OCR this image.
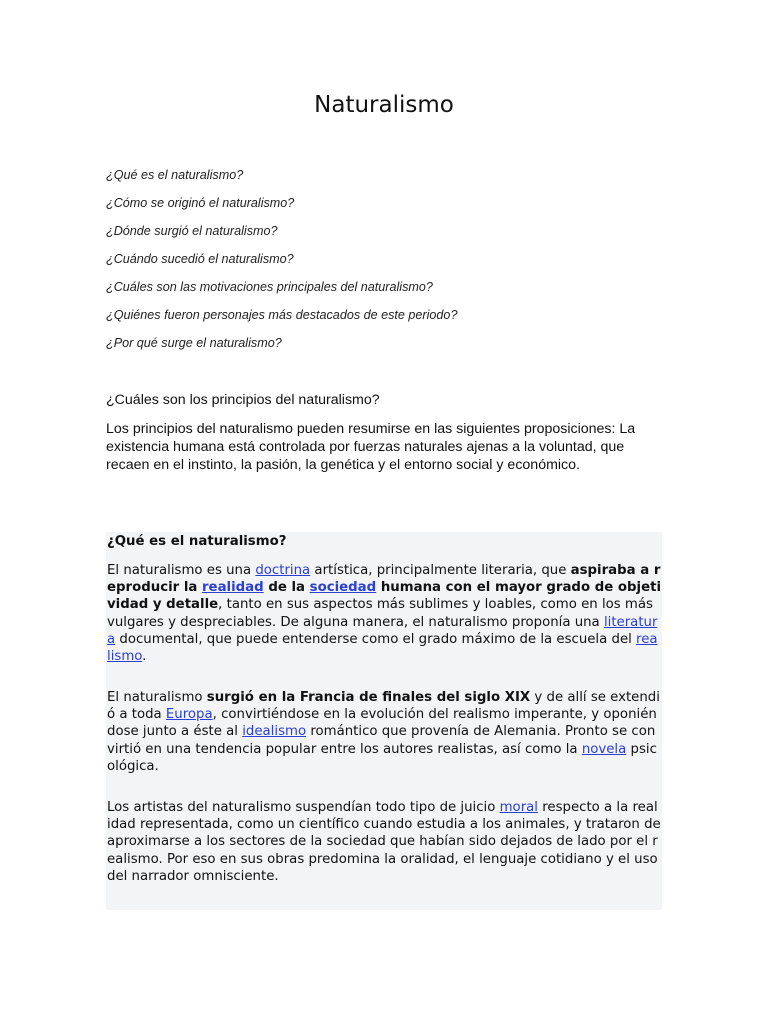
Naturalismo
¿Qué es el naturalismo?
¿Cómo se originó el naturalismo?
¿Dónde surgió el naturalismo?
¿Cuándo sucedió el naturalismo?
¿Cuáles son las motivaciones principales del naturalismo?
¿Quiénes fueron personajes más destacados de este periodo?
¿Por qué surge el naturalismo?
¿Cuáles son los principios del naturalismo?

Los principios del naturalismo pueden resumirse en las siguientes proposiciones: La existencia humana está controlada por fuerzas naturales ajenas a la voluntad, que recaen en el instinto, la pasión, la genética y el entorno social y económico.

¿Qué es el naturalismo?

El naturalismo es una doctrina artística, principalmente literaria, que aspiraba a reproducir la realidad de la sociedad humana con el mayor grado de objetividad y detalle, tanto en sus aspectos más sublimes y loables, como en los más vulgares y despreciables. De alguna manera, el naturalismo proponía una literatura documental, que puede entenderse como el grado máximo de la escuela del realismo.

El naturalismo surgió en la Francia de finales del siglo XIX y de allí se extendió a toda Europa, convirtiéndose en la evolución del realismo imperante, y oponiéndose junto a éste al idealismo romántico que provenía de Alemania. Pronto se convirtió en una tendencia popular entre los autores realistas, así como la novela psicológica.

Los artistas del naturalismo suspendían todo tipo de juicio moral respecto a la realidad representada, como un científico cuando estudia a los animales, y trataron de aproximarse a los sectores de la sociedad que habían sido dejados de lado por el realismo. Por eso en sus obras predomina la oralidad, el lenguaje cotidiano y el uso del narrador omnisciente.
